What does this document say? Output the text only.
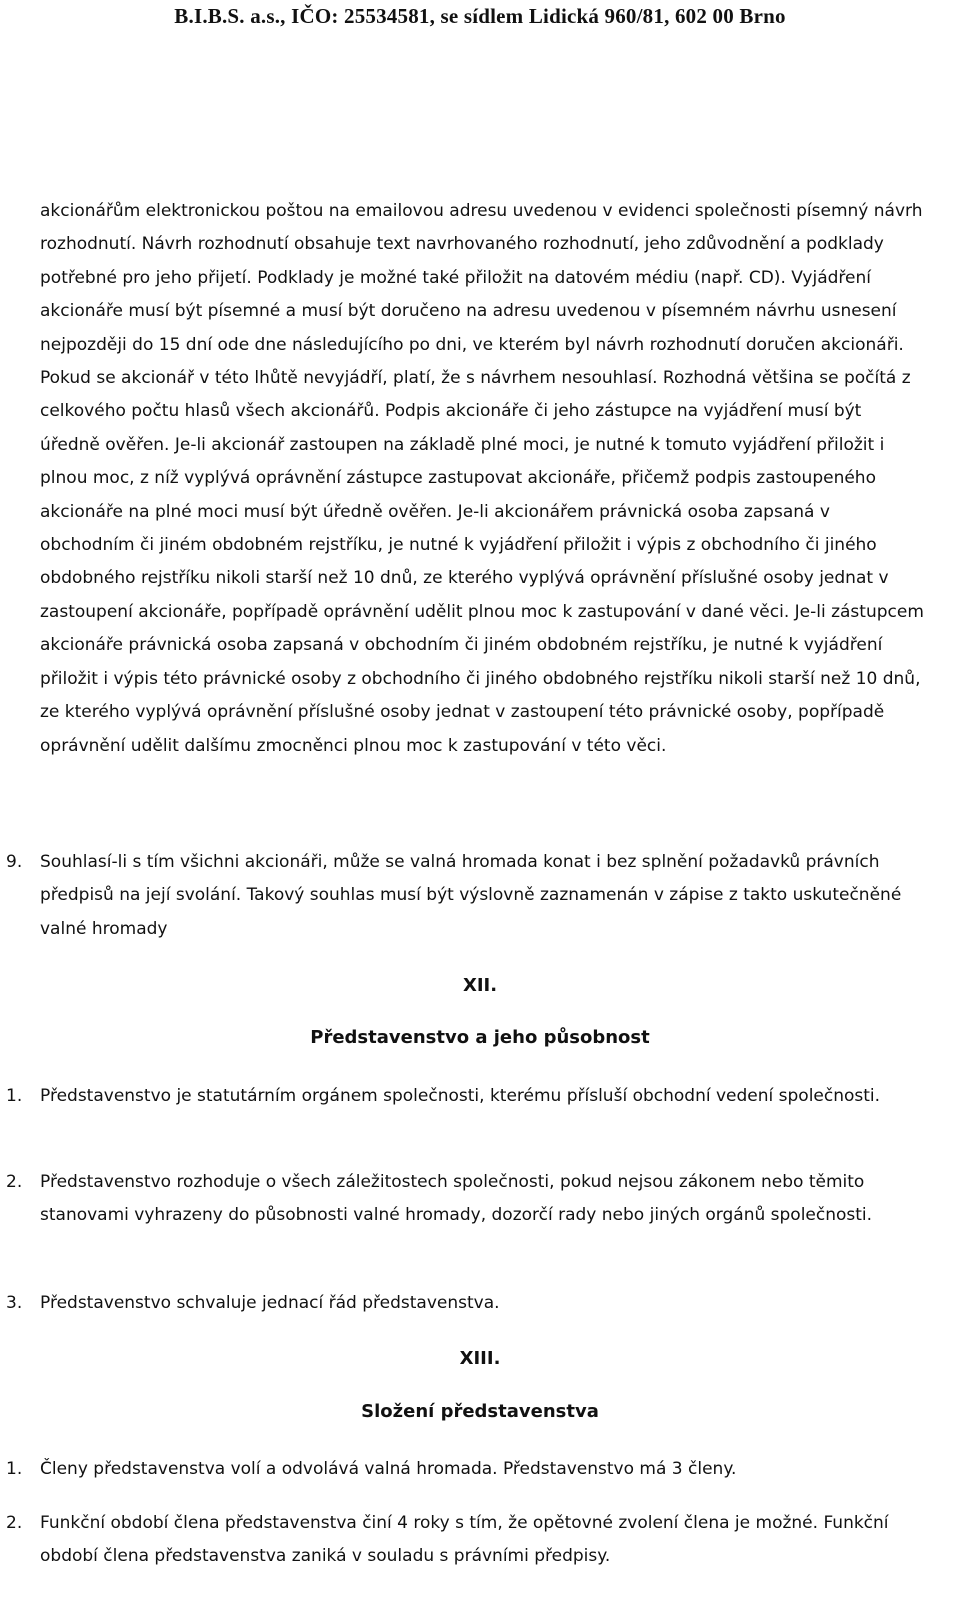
B.I.B.S. a.s., IČO: 25534581, se sídlem Lidická 960/81, 602 00 Brno

akcionářům elektronickou poštou na emailovou adresu uvedenou v evidenci společnosti písemný návrh rozhodnutí. Návrh rozhodnutí obsahuje text navrhovaného rozhodnutí, jeho zdůvodnění a podklady potřebné pro jeho přijetí. Podklady je možné také přiložit na datovém médiu (např. CD). Vyjádření akcionáře musí být písemné a musí být doručeno na adresu uvedenou v písemném návrhu usnesení nejpozději do 15 dní ode dne následujícího po dni, ve kterém byl návrh rozhodnutí doručen akcionáři. Pokud se akcionář v této lhůtě nevyjádří, platí, že s návrhem nesouhlasí. Rozhodná většina se počítá z celkového počtu hlasů všech akcionářů. Podpis akcionáře či jeho zástupce na vyjádření musí být úředně ověřen. Je-li akcionář zastoupen na základě plné moci, je nutné k tomuto vyjádření přiložit i plnou moc, z níž vyplývá oprávnění zástupce zastupovat akcionáře, přičemž podpis zastoupeného akcionáře na plné moci musí být úředně ověřen. Je-li akcionářem právnická osoba zapsaná v obchodním či jiném obdobném rejstříku, je nutné k vyjádření přiložit i výpis z obchodního či jiného obdobného rejstříku nikoli starší než 10 dnů, ze kterého vyplývá oprávnění příslušné osoby jednat v zastoupení akcionáře, popřípadě oprávnění udělit plnou moc k zastupování v dané věci. Je-li zástupcem akcionáře právnická osoba zapsaná v obchodním či jiném obdobném rejstříku, je nutné k vyjádření přiložit i výpis této právnické osoby z obchodního či jiného obdobného rejstříku nikoli starší než 10 dnů, ze kterého vyplývá oprávnění příslušné osoby jednat v zastoupení této právnické osoby, popřípadě oprávnění udělit dalšímu zmocněnci plnou moc k zastupování v této věci.

9. Souhlasí-li s tím všichni akcionáři, může se valná hromada konat i bez splnění požadavků právních předpisů na její svolání. Takový souhlas musí být výslovně zaznamenán v zápise z takto uskutečněné valné hromady

XII.
Představenstvo a jeho působnost
1. Představenstvo je statutárním orgánem společnosti, kterému přísluší obchodní vedení společnosti.

2. Představenstvo rozhoduje o všech záležitostech společnosti, pokud nejsou zákonem nebo těmito stanovami vyhrazeny do působnosti valné hromady, dozorčí rady nebo jiných orgánů společnosti.

3. Představenstvo schvaluje jednací řád představenstva.

XIII.
Složení představenstva
1. Členy představenstva volí a odvolává valná hromada. Představenstvo má 3 členy.

2. Funkční období člena představenstva činí 4 roky s tím, že opětovné zvolení člena je možné. Funkční období člena představenstva zaniká v souladu s právními předpisy.
